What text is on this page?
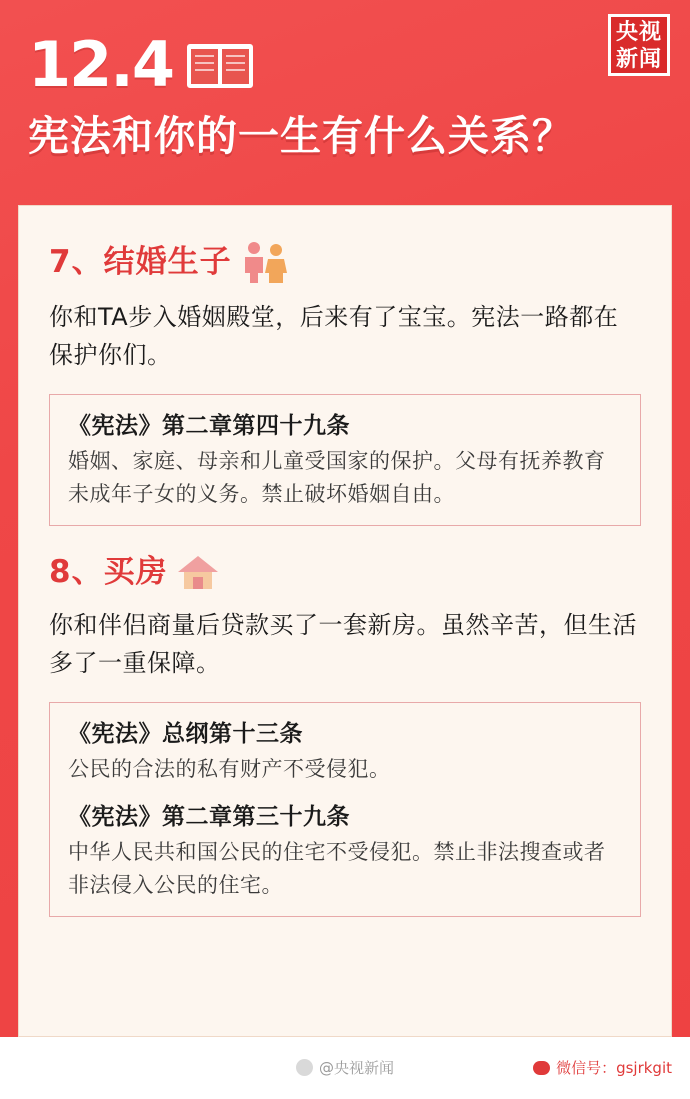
央视
新闻
12.4
宪法和你的一生有什么关系？
7、结婚生子
你和TA步入婚姻殿堂，后来有了宝宝。宪法一路都在保护你们。
《宪法》第二章第四十九条
婚姻、家庭、母亲和儿童受国家的保护。父母有抚养教育未成年子女的义务。禁止破坏婚姻自由。
8、买房
你和伴侣商量后贷款买了一套新房。虽然辛苦，但生活多了一重保障。
《宪法》总纲第十三条
公民的合法的私有财产不受侵犯。
《宪法》第二章第三十九条
中华人民共和国公民的住宅不受侵犯。禁止非法搜查或者非法侵入公民的住宅。
@央视新闻	微信号：gsjrkgit
